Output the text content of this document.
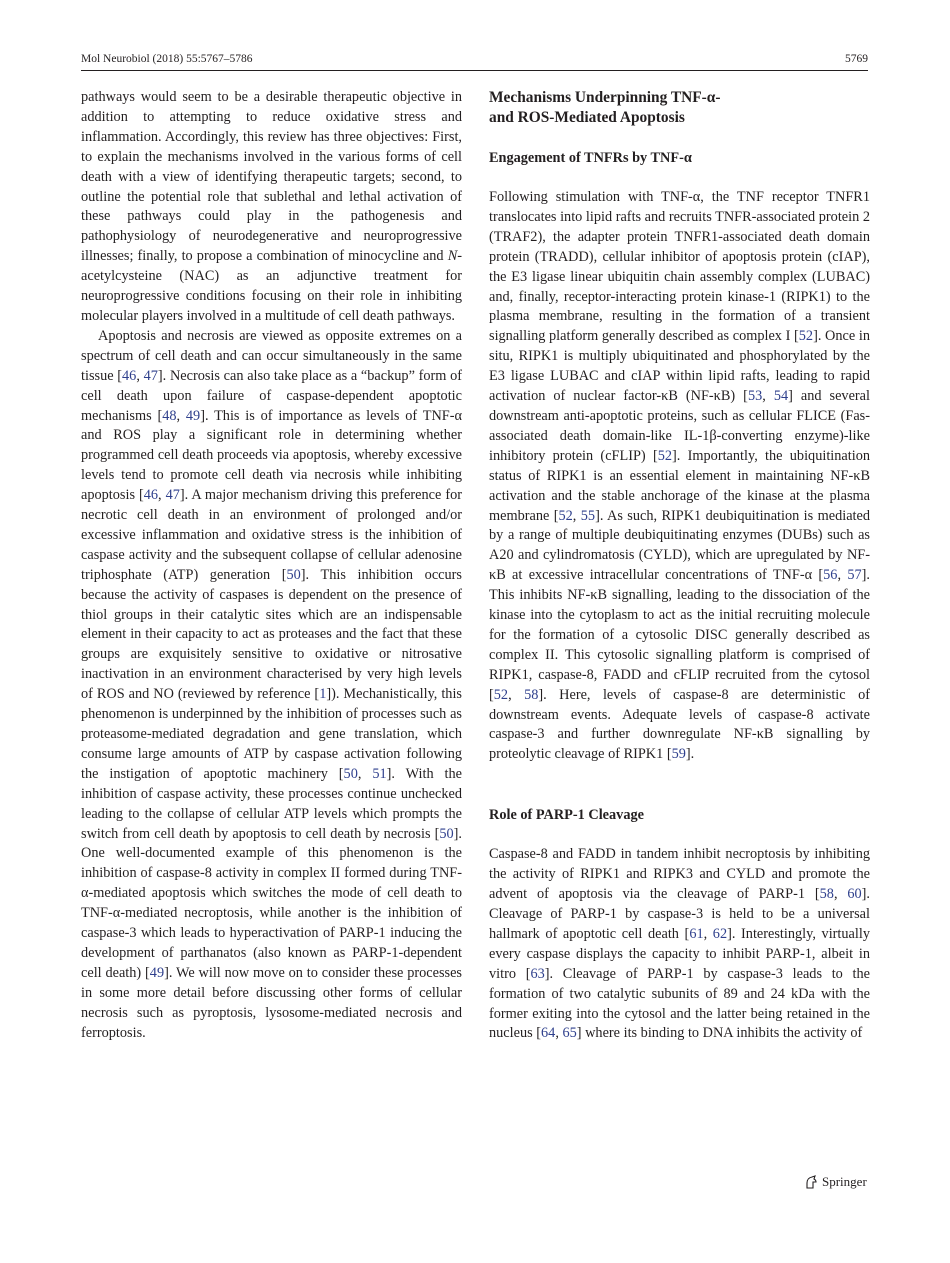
Mol Neurobiol (2018) 55:5767–5786	5769

pathways would seem to be a desirable therapeutic objective in addition to attempting to reduce oxidative stress and inflammation. Accordingly, this review has three objectives: First, to explain the mechanisms involved in the various forms of cell death with a view of identifying therapeutic targets; second, to outline the potential role that sublethal and lethal activation of these pathways could play in the pathogenesis and pathophysiology of neurodegenerative and neuroprogressive illnesses; finally, to propose a combination of minocycline and N-acetylcysteine (NAC) as an adjunctive treatment for neuroprogressive conditions focusing on their role in inhibiting molecular players involved in a multitude of cell death pathways.

Apoptosis and necrosis are viewed as opposite extremes on a spectrum of cell death and can occur simultaneously in the same tissue [46, 47]. Necrosis can also take place as a “backup” form of cell death upon failure of caspase-dependent apoptotic mechanisms [48, 49]. This is of importance as levels of TNF-α and ROS play a significant role in determining whether programmed cell death proceeds via apoptosis, whereby excessive levels tend to promote cell death via necrosis while inhibiting apoptosis [46, 47]. A major mechanism driving this preference for necrotic cell death in an environment of prolonged and/or excessive inflammation and oxidative stress is the inhibition of caspase activity and the subsequent collapse of cellular adenosine triphosphate (ATP) generation [50]. This inhibition occurs because the activity of caspases is dependent on the presence of thiol groups in their catalytic sites which are an indispensable element in their capacity to act as proteases and the fact that these groups are exquisitely sensitive to oxidative or nitrosative inactivation in an environment characterised by very high levels of ROS and NO (reviewed by reference [1]). Mechanistically, this phenomenon is underpinned by the inhibition of processes such as proteasome-mediated degradation and gene translation, which consume large amounts of ATP by caspase activation following the instigation of apoptotic machinery [50, 51]. With the inhibition of caspase activity, these processes continue unchecked leading to the collapse of cellular ATP levels which prompts the switch from cell death by apoptosis to cell death by necrosis [50]. One well-documented example of this phenomenon is the inhibition of caspase-8 activity in complex II formed during TNF-α-mediated apoptosis which switches the mode of cell death to TNF-α-mediated necroptosis, while another is the inhibition of caspase-3 which leads to hyperactivation of PARP-1 inducing the development of parthanatos (also known as PARP-1-dependent cell death) [49]. We will now move on to consider these processes in some more detail before discussing other forms of cellular necrosis such as pyroptosis, lysosome-mediated necrosis and ferroptosis.

Mechanisms Underpinning TNF-α-
and ROS-Mediated Apoptosis
Engagement of TNFRs by TNF-α

Following stimulation with TNF-α, the TNF receptor TNFR1 translocates into lipid rafts and recruits TNFR-associated protein 2 (TRAF2), the adapter protein TNFR1-associated death domain protein (TRADD), cellular inhibitor of apoptosis protein (cIAP), the E3 ligase linear ubiquitin chain assembly complex (LUBAC) and, finally, receptor-interacting protein kinase-1 (RIPK1) to the plasma membrane, resulting in the formation of a transient signalling platform generally described as complex I [52]. Once in situ, RIPK1 is multiply ubiquitinated and phosphorylated by the E3 ligase LUBAC and cIAP within lipid rafts, leading to rapid activation of nuclear factor-κB (NF-κB) [53, 54] and several downstream anti-apoptotic proteins, such as cellular FLICE (Fas-associated death domain-like IL-1β-converting enzyme)-like inhibitory protein (cFLIP) [52]. Importantly, the ubiquitination status of RIPK1 is an essential element in maintaining NF-κB activation and the stable anchorage of the kinase at the plasma membrane [52, 55]. As such, RIPK1 deubiquitination is mediated by a range of multiple deubiquitinating enzymes (DUBs) such as A20 and cylindromatosis (CYLD), which are upregulated by NF-κB at excessive intracellular concentrations of TNF-α [56, 57]. This inhibits NF-κB signalling, leading to the dissociation of the kinase into the cytoplasm to act as the initial recruiting molecule for the formation of a cytosolic DISC generally described as complex II. This cytosolic signalling platform is comprised of RIPK1, caspase-8, FADD and cFLIP recruited from the cytosol [52, 58]. Here, levels of caspase-8 are deterministic of downstream events. Adequate levels of caspase-8 activate caspase-3 and further downregulate NF-κB signalling by proteolytic cleavage of RIPK1 [59].

Role of PARP-1 Cleavage

Caspase-8 and FADD in tandem inhibit necroptosis by inhibiting the activity of RIPK1 and RIPK3 and CYLD and promote the advent of apoptosis via the cleavage of PARP-1 [58, 60]. Cleavage of PARP-1 by caspase-3 is held to be a universal hallmark of apoptotic cell death [61, 62]. Interestingly, virtually every caspase displays the capacity to inhibit PARP-1, albeit in vitro [63]. Cleavage of PARP-1 by caspase-3 leads to the formation of two catalytic subunits of 89 and 24 kDa with the former exiting into the cytosol and the latter being retained in the nucleus [64, 65] where its binding to DNA inhibits the activity of

Springer
